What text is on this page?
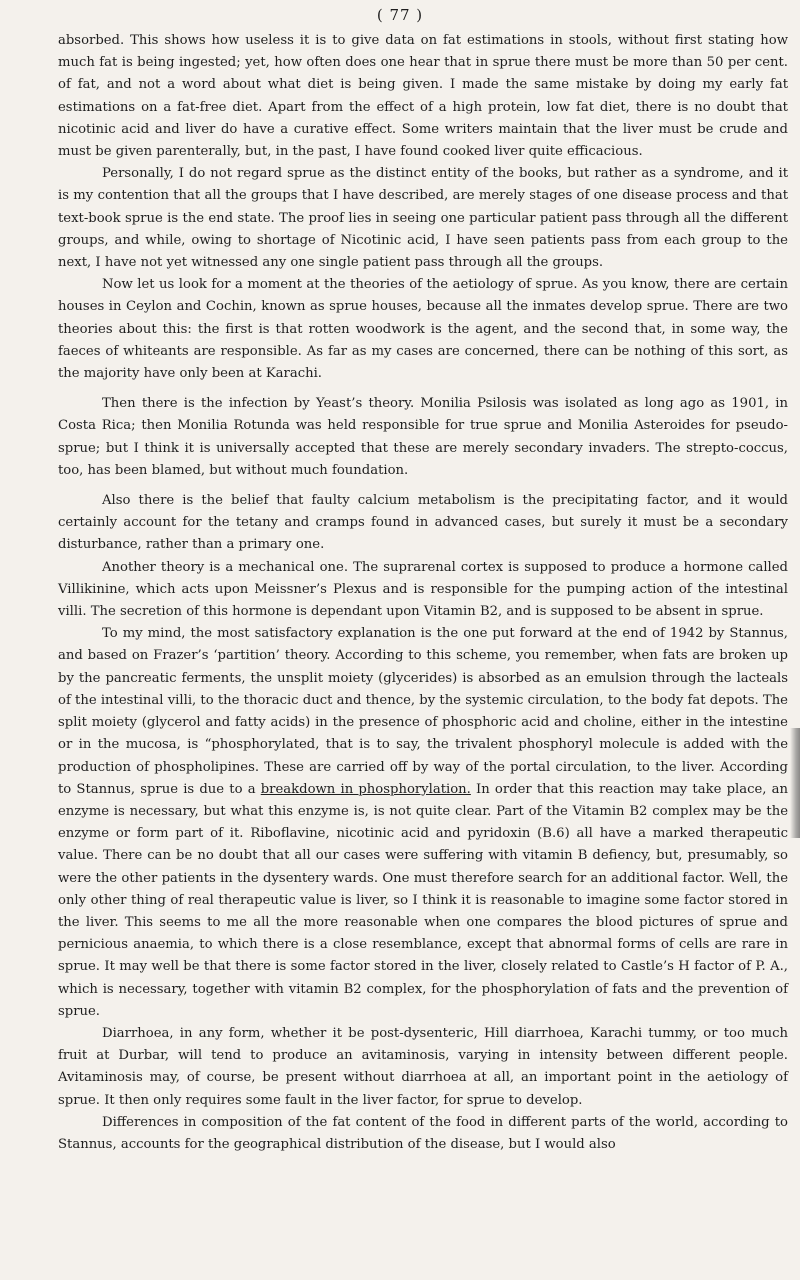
( 77 )

absorbed. This shows how useless it is to give data on fat estimations in stools, without first stating how much fat is being ingested; yet, how often does one hear that in sprue there must be more than 50 per cent. of fat, and not a word about what diet is being given. I made the same mistake by doing my early fat estimations on a fat-free diet. Apart from the effect of a high protein, low fat diet, there is no doubt that nicotinic acid and liver do have a curative effect. Some writers maintain that the liver must be crude and must be given parenterally, but, in the past, I have found cooked liver quite efficacious.

Personally, I do not regard sprue as the distinct entity of the books, but rather as a syndrome, and it is my contention that all the groups that I have described, are merely stages of one disease process and that text-book sprue is the end state. The proof lies in seeing one particular patient pass through all the different groups, and while, owing to shortage of Nicotinic acid, I have seen patients pass from each group to the next, I have not yet witnessed any one single patient pass through all the groups.

Now let us look for a moment at the theories of the aetiology of sprue. As you know, there are certain houses in Ceylon and Cochin, known as sprue houses, because all the inmates develop sprue. There are two theories about this: the first is that rotten woodwork is the agent, and the second that, in some way, the faeces of whiteants are responsible. As far as my cases are concerned, there can be nothing of this sort, as the majority have only been at Karachi.

Then there is the infection by Yeast’s theory. Monilia Psilosis was isolated as long ago as 1901, in Costa Rica; then Monilia Rotunda was held responsible for true sprue and Monilia Asteroides for pseudo-sprue; but I think it is universally accepted that these are merely secondary invaders. The strepto-coccus, too, has been blamed, but without much foundation.

Also there is the belief that faulty calcium metabolism is the precipitating factor, and it would certainly account for the tetany and cramps found in advanced cases, but surely it must be a secondary disturbance, rather than a primary one.

Another theory is a mechanical one. The suprarenal cortex is supposed to produce a hormone called Villikinine, which acts upon Meissner’s Plexus and is responsible for the pumping action of the intestinal villi. The secretion of this hormone is dependant upon Vitamin B2, and is supposed to be absent in sprue.

To my mind, the most satisfactory explanation is the one put forward at the end of 1942 by Stannus, and based on Frazer’s ‘partition’ theory. According to this scheme, you remember, when fats are broken up by the pancreatic ferments, the unsplit moiety (glycerides) is absorbed as an emulsion through the lacteals of the intestinal villi, to the thoracic duct and thence, by the systemic circulation, to the body fat depots. The split moiety (glycerol and fatty acids) in the presence of phosphoric acid and choline, either in the intestine or in the mucosa, is “phosphorylated, that is to say, the trivalent phosphoryl molecule is added with the production of phospholipines. These are carried off by way of the portal circulation, to the liver. According to Stannus, sprue is due to a breakdown in phosphorylation. In order that this reaction may take place, an enzyme is necessary, but what this enzyme is, is not quite clear. Part of the Vitamin B2 complex may be the enzyme or form part of it. Riboflavine, nicotinic acid and pyridoxin (B.6) all have a marked therapeutic value. There can be no doubt that all our cases were suffering with vitamin B defiency, but, presumably, so were the other patients in the dysentery wards. One must therefore search for an additional factor. Well, the only other thing of real therapeutic value is liver, so I think it is reasonable to imagine some factor stored in the liver. This seems to me all the more reasonable when one compares the blood pictures of sprue and pernicious anaemia, to which there is a close resemblance, except that abnormal forms of cells are rare in sprue. It may well be that there is some factor stored in the liver, closely related to Castle’s H factor of P. A., which is necessary, together with vitamin B2 complex, for the phosphorylation of fats and the prevention of sprue.

Diarrhoea, in any form, whether it be post-dysenteric, Hill diarrhoea, Karachi tummy, or too much fruit at Durbar, will tend to produce an avitaminosis, varying in intensity between different people. Avitaminosis may, of course, be present without diarrhoea at all, an important point in the aetiology of sprue. It then only requires some fault in the liver factor, for sprue to develop.

Differences in composition of the fat content of the food in different parts of the world, according to Stannus, accounts for the geographical distribution of the disease, but I would also
